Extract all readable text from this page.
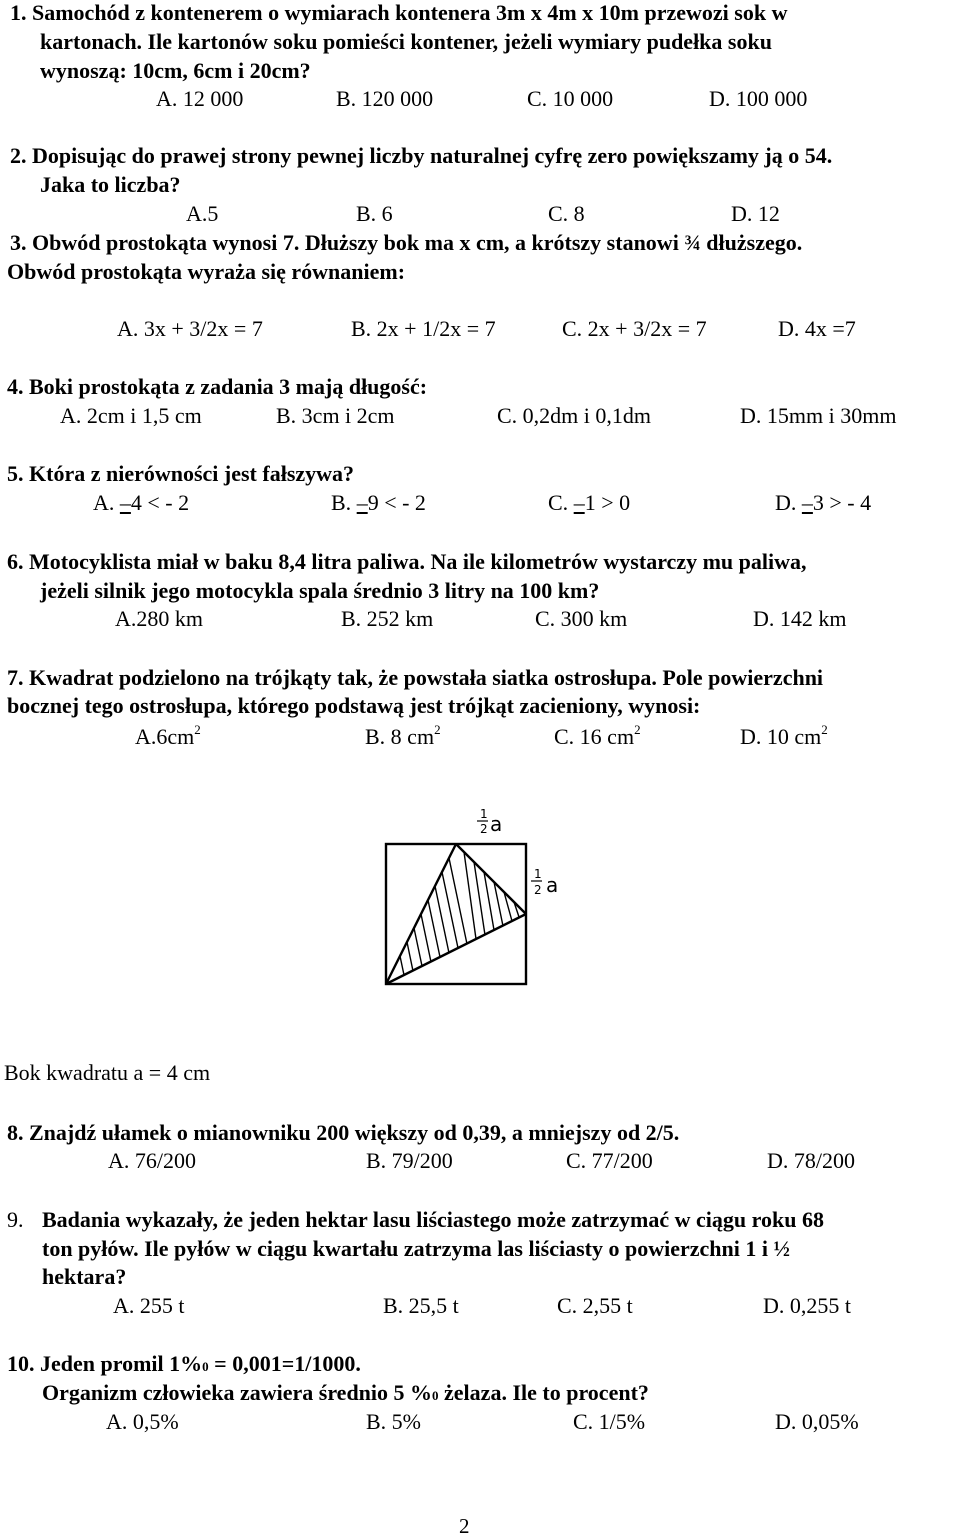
1. Samochód z kontenerem o wymiarach kontenera 3m x 4m x 10m przewozi sok w
kartonach. Ile kartonów soku pomieści kontener, jeżeli wymiary pudełka soku
wynoszą: 10cm, 6cm i 20cm?
A. 12 000	B. 120 000	C. 10 000	D. 100 000
2. Dopisując do prawej strony pewnej liczby naturalnej cyfrę zero powiększamy ją o 54.
Jaka to liczba?
A.5	B. 6	C. 8	D. 12
3. Obwód prostokąta wynosi 7. Dłuższy bok ma x cm, a krótszy stanowi ¾ dłuższego.
Obwód prostokąta wyraża się równaniem:
A. 3x + 3/2x = 7	B. 2x + 1/2x = 7	C. 2x + 3/2x = 7	D. 4x =7
4. Boki prostokąta z zadania 3 mają długość:
A. 2cm i 1,5 cm	B. 3cm i 2cm	C. 0,2dm i 0,1dm	D. 15mm i 30mm
5. Która z nierówności jest fałszywa?
A. –4 < - 2	B. –9 < - 2	C. –1 > 0	D. –3 > - 4
6. Motocyklista miał w baku 8,4 litra paliwa. Na ile kilometrów wystarczy mu paliwa,
jeżeli silnik jego motocykla spala średnio 3 litry na 100 km?
A.280 km	B. 252 km	C. 300 km	D. 142 km
7. Kwadrat podzielono na trójkąty tak, że powstała siatka ostrosłupa. Pole powierzchni
bocznej tego ostrosłupa, którego podstawą jest trójkąt zacieniony, wynosi:
$A.6cm^2$	B. 8 $cm^2$	C. 16 $cm^2$	D. 10 $cm^2$
1
2 a
1
2 a
Bok kwadratu a = 4 cm
8. Znajdź ułamek o mianowniku 200 większy od 0,39, a mniejszy od 2/5.
A. 76/200	B. 79/200	C. 77/200	D. 78/200
9. Badania wykazały, że jeden hektar lasu liściastego może zatrzymać w ciągu roku 68
ton pyłów. Ile pyłów w ciągu kwartału zatrzyma las liściasty o powierzchni 1 i ½
hektara?
A. 255 t	B. 25,5 t	C. 2,55 t	D. 0,255 t
10. Jeden promil 1%0 = 0,001=1/1000.
Organizm człowieka zawiera średnio 5 %0 żelaza. Ile to procent?
A. 0,5%	B. 5%	C. 1/5%	D. 0,05%
2
